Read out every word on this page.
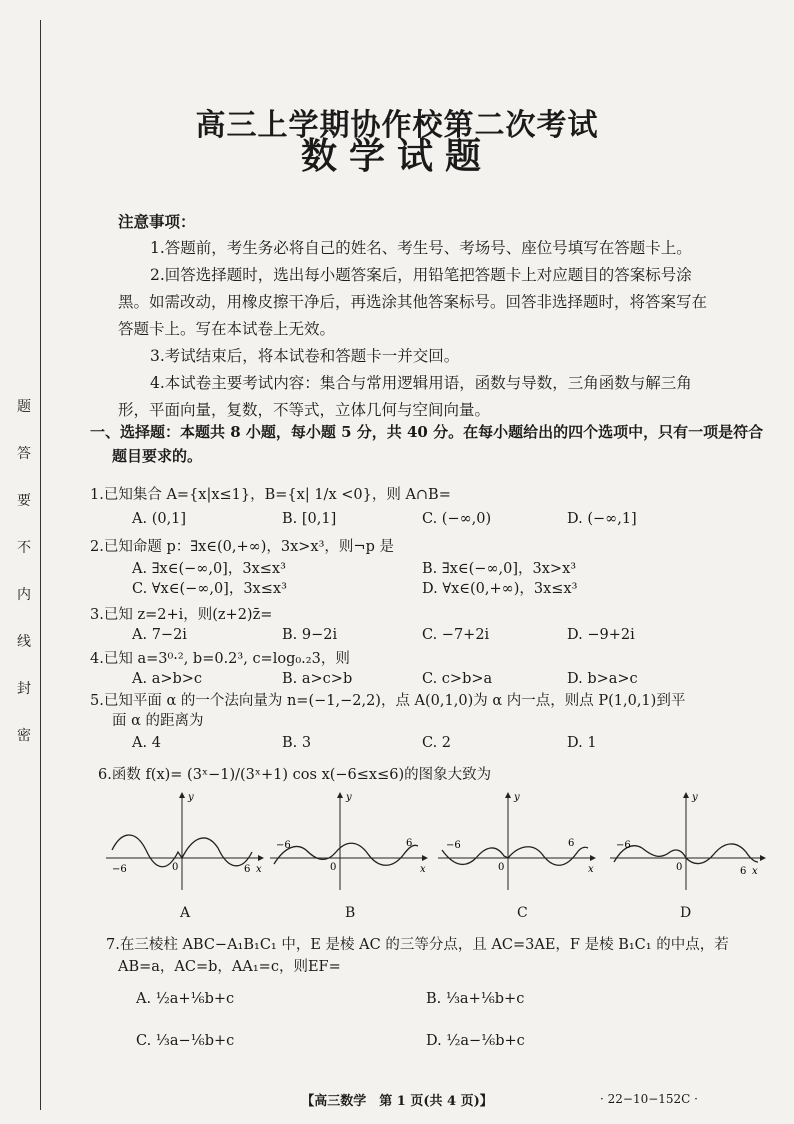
题
答
要
不
内
线
封
密
高三上学期协作校第二次考试
数学试题
注意事项：

1.答题前，考生务必将自己的姓名、考生号、考场号、座位号填写在答题卡上。

2.回答选择题时，选出每小题答案后，用铅笔把答题卡上对应题目的答案标号涂

黑。如需改动，用橡皮擦干净后，再选涂其他答案标号。回答非选择题时，将答案写在

答题卡上。写在本试卷上无效。

3.考试结束后，将本试卷和答题卡一并交回。

4.本试卷主要考试内容：集合与常用逻辑用语，函数与导数，三角函数与解三角

形，平面向量，复数，不等式，立体几何与空间向量。

一、选择题：本题共 8 小题，每小题 5 分，共 40 分。在每小题给出的四个选项中，只有一项是符合
题目要求的。
1.已知集合 A={x|x≤1}，B={x| 1/x <0}，则 A∩B=
A. (0,1]	B. [0,1]	C. (−∞,0)	D. (−∞,1]
2.已知命题 p：∃x∈(0,+∞)，3x>x³，则¬p 是
A. ∃x∈(−∞,0]，3x≤x³	B. ∃x∈(−∞,0]，3x>x³
C. ∀x∈(−∞,0]，3x≤x³	D. ∀x∈(0,+∞)，3x≤x³
3.已知 z=2+i，则(z+2)z̄=
A. 7−2i	B. 9−2i	C. −7+2i	D. −9+2i
4.已知 a=3⁰·², b=0.2³, c=log₀.₂3，则
A. a>b>c	B. a>c>b	C. c>b>a	D. b>a>c
5.已知平面 α 的一个法向量为 n=(−1,−2,2)，点 A(0,1,0)为 α 内一点，则点 P(1,0,1)到平
面 α 的距离为
A. 4	B. 3	C. 2	D. 1
6.函数 f(x)= (3ˣ−1)/(3ˣ+1) cos x(−6≤x≤6)的图象大致为
−6	0	6 x
y
−6
0
6
x
y
−6
0
6
x
y
−6
0	6 x
y
A	B	C	D
7.在三棱柱 ABC−A₁B₁C₁ 中，E 是棱 AC 的三等分点，且 AC=3AE，F 是棱 B₁C₁ 的中点，若
AB=a，AC=b，AA₁=c，则EF=
A. ½a+⅙b+c	B. ⅓a+⅙b+c
C. ⅓a−⅙b+c	D. ½a−⅙b+c
【高三数学　第 1 页(共 4 页)】	· 22−10−152C ·
